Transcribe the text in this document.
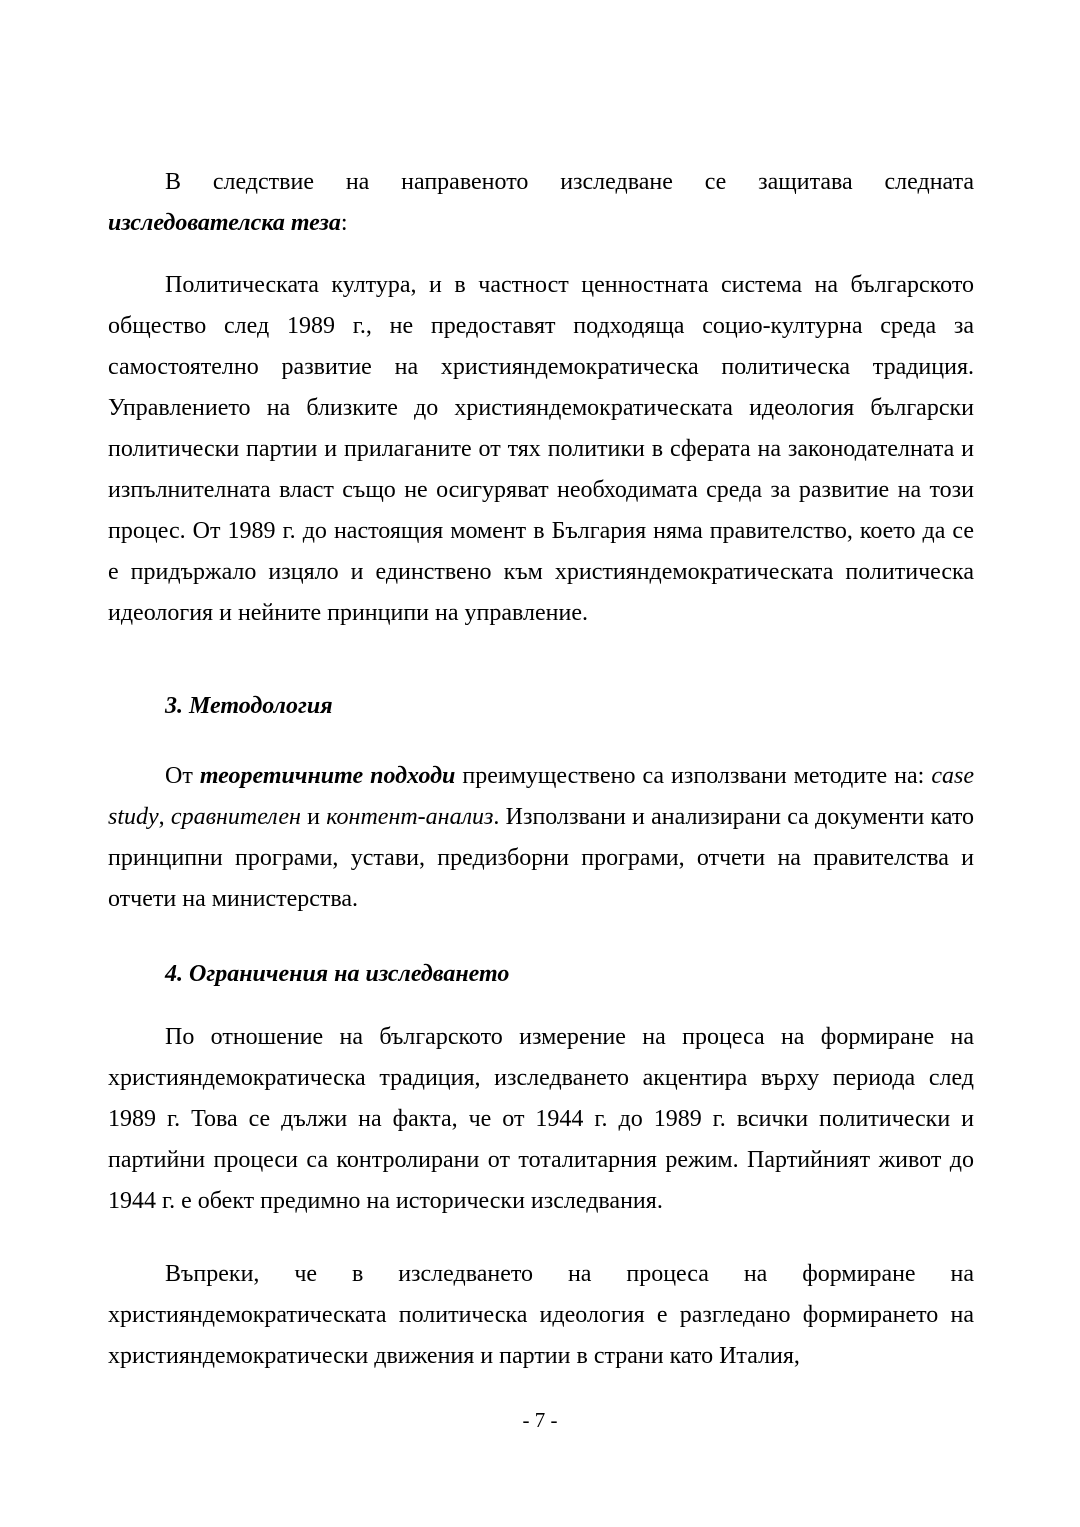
В следствие на направеното изследване се защитава следната изследователска теза:

Политическата култура, и в частност ценностната система на българското общество след 1989 г., не предоставят подходяща социо-културна среда за самостоятелно развитие на християндемократическа политическа традиция. Управлението на близките до християндемократическата идеология български политически партии и прилаганите от тях политики в сферата на законодателната и изпълнителната власт също не осигуряват необходимата среда за развитие на този процес. От 1989 г. до настоящия момент в България няма правителство, което да се е придържало изцяло и единствено към християндемократическата политическа идеология и нейните принципи на управление.

3. Методология

От теоретичните подходи преимуществено са използвани методите на: case study, сравнителен и контент-анализ. Използвани и анализирани са документи като принципни програми, устави, предизборни програми, отчети на правителства и отчети на министерства.

4. Ограничения на изследването

По отношение на българското измерение на процеса на формиране на християндемократическа традиция, изследването акцентира върху периода след 1989 г. Това се дължи на факта, че от 1944 г. до 1989 г. всички политически и партийни процеси са контролирани от тоталитарния режим. Партийният живот до 1944 г. е обект предимно на исторически изследвания.

Въпреки, че в изследването на процеса на формиране на християндемократическата политическа идеология е разгледано формирането на християндемократически движения и партии в страни като Италия,

- 7 -
